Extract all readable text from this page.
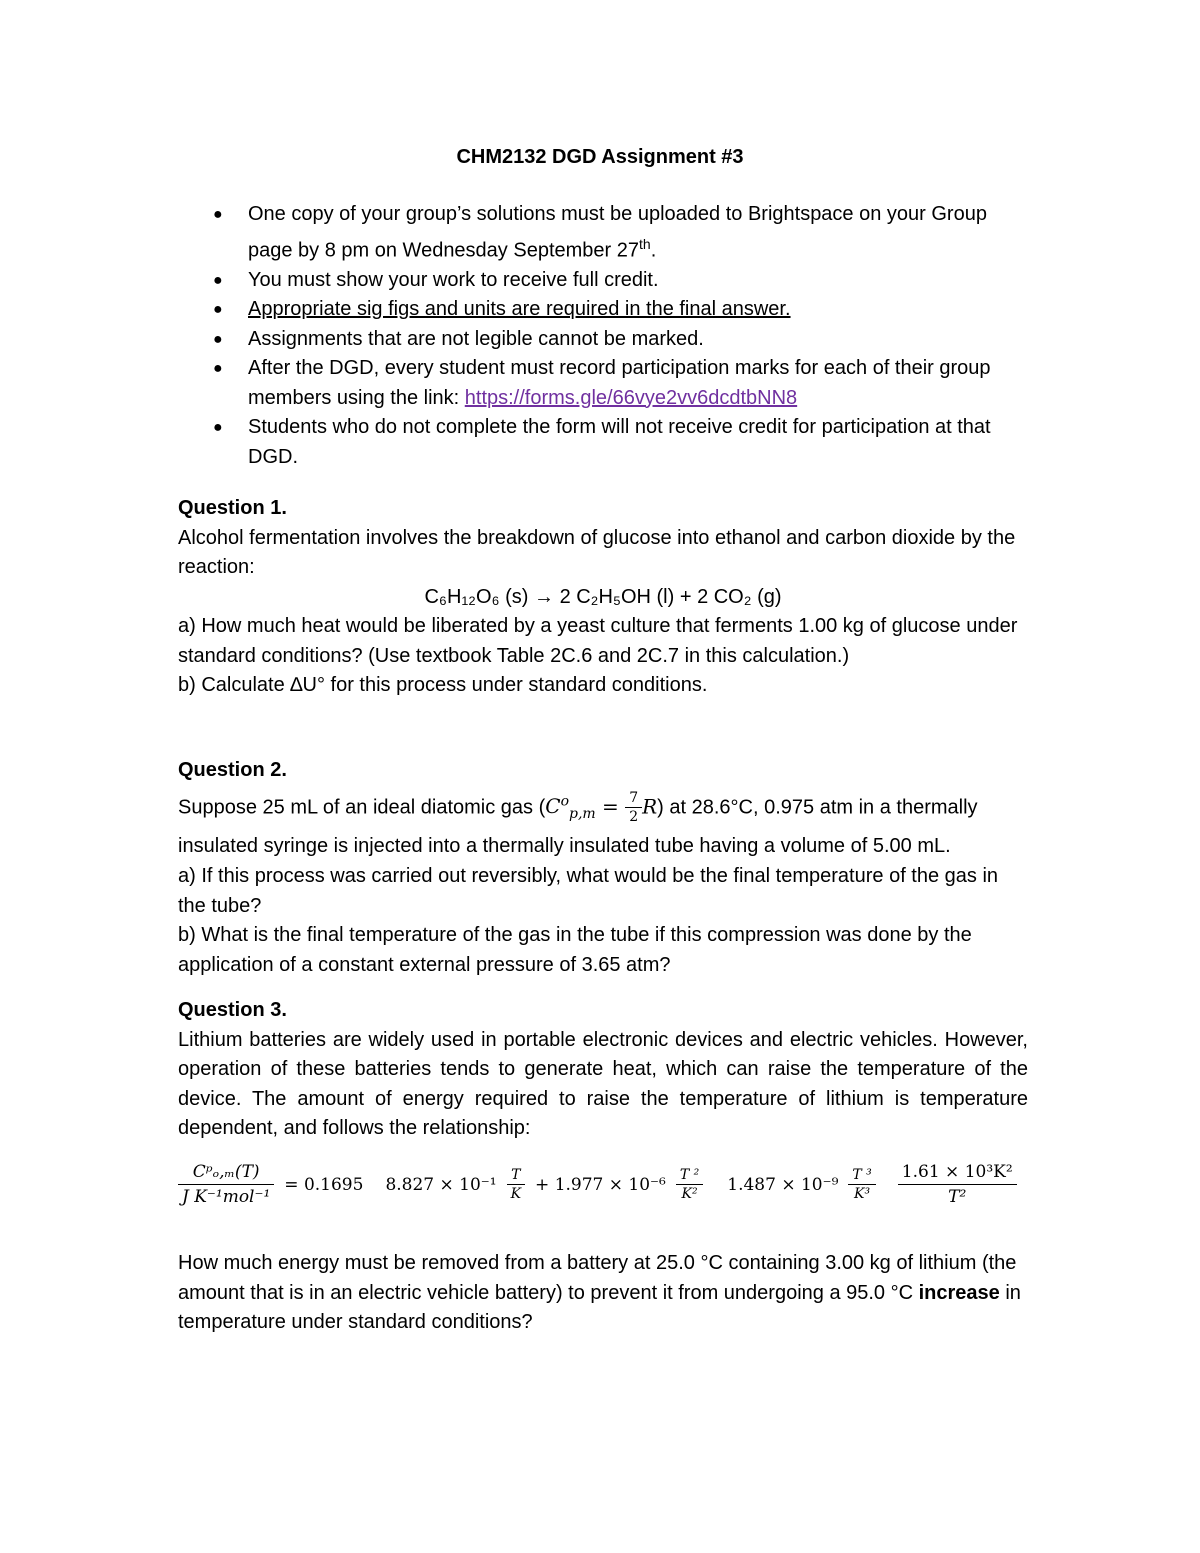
CHM2132 DGD Assignment #3
● One copy of your group’s solutions must be uploaded to Brightspace on your Group page by 8 pm on Wednesday September 27th.
● You must show your work to receive full credit.
● Appropriate sig figs and units are required in the final answer.
● Assignments that are not legible cannot be marked.
● After the DGD, every student must record participation marks for each of their group members using the link: https://forms.gle/66vye2vv6dcdtbNN8
● Students who do not complete the form will not receive credit for participation at that DGD.
Question 1.
Alcohol fermentation involves the breakdown of glucose into ethanol and carbon dioxide by the reaction:
C₆H₁₂O₆ (s) → 2 C₂H₅OH (l) + 2 CO₂ (g)
a) How much heat would be liberated by a yeast culture that ferments 1.00 kg of glucose under standard conditions? (Use textbook Table 2C.6 and 2C.7 in this calculation.)
b) Calculate ∆U° for this process under standard conditions.
Question 2.
Suppose 25 mL of an ideal diatomic gas $(C^o_{p,m} = \frac{7}{2} R)$ at 28.6°C, 0.975 atm in a thermally insulated syringe is injected into a thermally insulated tube having a volume of 5.00 mL.
a) If this process was carried out reversibly, what would be the final temperature of the gas in the tube?
b) What is the final temperature of the gas in the tube if this compression was done by the application of a constant external pressure of 3.65 atm?
Question 3.
Lithium batteries are widely used in portable electronic devices and electric vehicles. However, operation of these batteries tends to generate heat, which can raise the temperature of the device. The amount of energy required to raise the temperature of lithium is temperature dependent, and follows the relationship:
$\frac{\text{Cᵖₒ,ₘ(T)}}{\text{J K⁻¹mol⁻¹}} = 0.1695$ $8.827 \times 10^{-1} \frac{T}{K} + 1.977 \times 10^{-6} \frac{\text{T ²}}{\text{K²}} 1.487 \times 10^{-9} \frac{\text{T ³}}{\text{K³}} \frac{\text{1.61 × 10³K²}}{\text{T²}}$
How much energy must be removed from a battery at 25.0 °C containing 3.00 kg of lithium (the amount that is in an electric vehicle battery) to prevent it from undergoing a 95.0 °C increase in temperature under standard conditions?
